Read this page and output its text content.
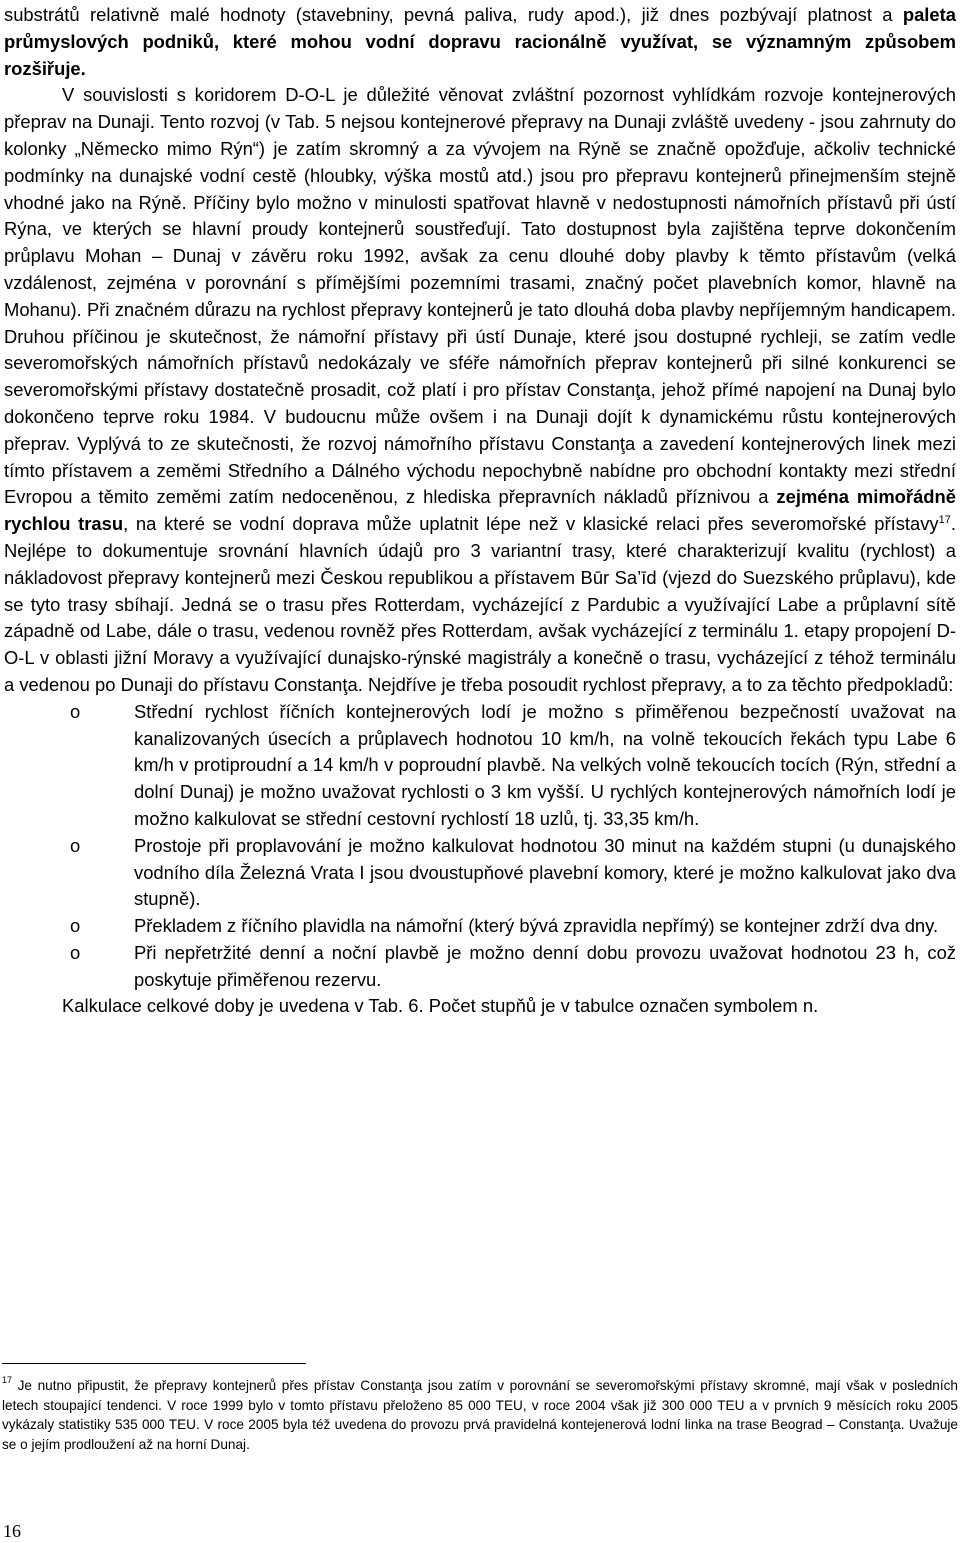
substrátů relativně malé hodnoty (stavebniny, pevná paliva, rudy apod.), již dnes pozbývají platnost a paleta průmyslových podniků, které mohou vodní dopravu racionálně využívat, se významným způsobem rozšiřuje.

V souvislosti s koridorem D-O-L je důležité věnovat zvláštní pozornost vyhlídkám rozvoje kontejnerových přeprav na Dunaji. Tento rozvoj (v Tab. 5 nejsou kontejnerové přepravy na Dunaji zvláště uvedeny - jsou zahrnuty do kolonky „Německo mimo Rýn“) je zatím skromný a za vývojem na Rýně se značně opožďuje, ačkoliv technické podmínky na dunajské vodní cestě (hloubky, výška mostů atd.) jsou pro přepravu kontejnerů přinejmenším stejně vhodné jako na Rýně. Příčiny bylo možno v minulosti spatřovat hlavně v nedostupnosti námořních přístavů při ústí Rýna, ve kterých se hlavní proudy kontejnerů soustřeďují. Tato dostupnost byla zajištěna teprve dokončením průplavu Mohan – Dunaj v závěru roku 1992, avšak za cenu dlouhé doby plavby k těmto přístavům (velká vzdálenost, zejména v porovnání s přímějšími pozemními trasami, značný počet plavebních komor, hlavně na Mohanu). Při značném důrazu na rychlost přepravy kontejnerů je tato dlouhá doba plavby nepříjemným handicapem. Druhou příčinou je skutečnost, že námořní přístavy při ústí Dunaje, které jsou dostupné rychleji, se zatím vedle severomořských námořních přístavů nedokázaly ve sféře námořních přeprav kontejnerů při silné konkurenci se severomořskými přístavy dostatečně prosadit, což platí i pro přístav Constanţa, jehož přímé napojení na Dunaj bylo dokončeno teprve roku 1984. V budoucnu může ovšem i na Dunaji dojít k dynamickému růstu kontejnerových přeprav. Vyplývá to ze skutečnosti, že rozvoj námořního přístavu Constanţa a zavedení kontejnerových linek mezi tímto přístavem a zeměmi Středního a Dálného východu nepochybně nabídne pro obchodní kontakty mezi střední Evropou a těmito zeměmi zatím nedoceněnou, z hlediska přepravních nákladů příznivou a zejména mimořádně rychlou trasu, na které se vodní doprava může uplatnit lépe než v klasické relaci přes severomořské přístavy$^{17}$. Nejlépe to dokumentuje srovnání hlavních údajů pro 3 variantní trasy, které charakterizují kvalitu (rychlost) a nákladovost přepravy kontejnerů mezi Českou republikou a přístavem Būr Sa’īd (vjezd do Suezského průplavu), kde se tyto trasy sbíhají. Jedná se o trasu přes Rotterdam, vycházející z Pardubic a využívající Labe a průplavní sítě západně od Labe, dále o trasu, vedenou rovněž přes Rotterdam, avšak vycházející z terminálu 1. etapy propojení D-O-L v oblasti jižní Moravy a využívající dunajsko-rýnské magistrály a konečně o trasu, vycházející z téhož terminálu a vedenou po Dunaji do přístavu Constanţa. Nejdříve je třeba posoudit rychlost přepravy, a to za těchto předpokladů:

o	Střední rychlost říčních kontejnerových lodí je možno s přiměřenou bezpečností uvažovat na kanalizovaných úsecích a průplavech hodnotou 10 km/h, na volně tekoucích řekách typu Labe 6 km/h v protiproudní a 14 km/h v poproudní plavbě. Na velkých volně tekoucích tocích (Rýn, střední a dolní Dunaj) je možno uvažovat rychlosti o 3 km vyšší. U rychlých kontejnerových námořních lodí je možno kalkulovat se střední cestovní rychlostí 18 uzlů, tj. 33,35 km/h.
o	Prostoje při proplavování je možno kalkulovat hodnotou 30 minut na každém stupni (u dunajského vodního díla Železná Vrata I jsou dvoustupňové plavební komory, které je možno kalkulovat jako dva stupně).
o	Překladem z říčního plavidla na námořní (který bývá zpravidla nepřímý) se kontejner zdrží dva dny.
o	Při nepřetržité denní a noční plavbě je možno denní dobu provozu uvažovat hodnotou 23 h, což poskytuje přiměřenou rezervu.

Kalkulace celkové doby je uvedena v Tab. 6. Počet stupňů je v tabulce označen symbolem n.

$^{17}$ Je nutno připustit, že přepravy kontejnerů přes přístav Constanţa jsou zatím v porovnání se severomořskými přístavy skromné, mají však v posledních letech stoupající tendenci. V roce 1999 bylo v tomto přístavu přeloženo 85 000 TEU, v roce 2004 však již 300 000 TEU a v prvních 9 měsících roku 2005 vykázaly statistiky 535 000 TEU. V roce 2005 byla též uvedena do provozu prvá pravidelná kontejenerová lodní linka na trase Beograd – Constanţa. Uvažuje se o jejím prodloužení až na horní Dunaj.

16
